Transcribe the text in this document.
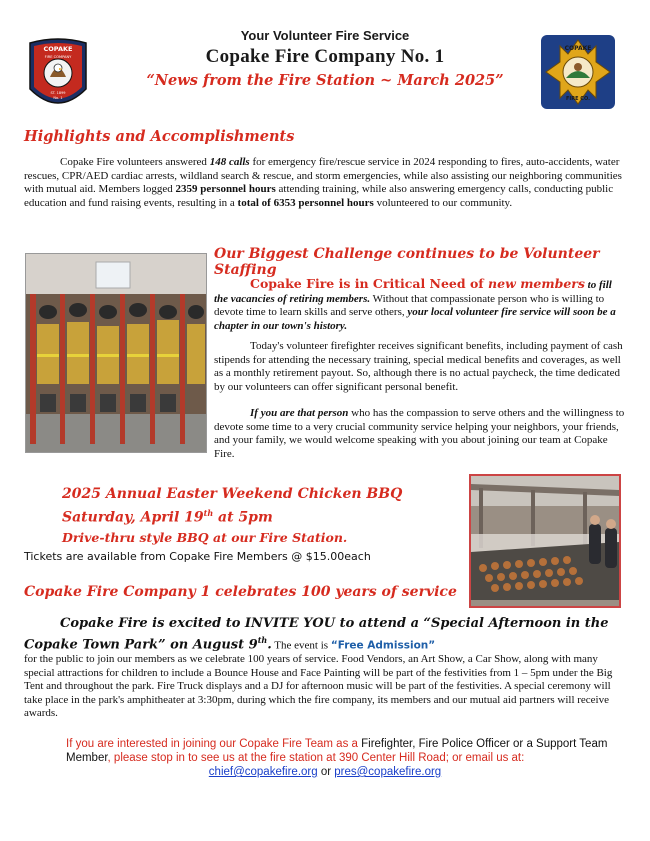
Your Volunteer Fire Service
Copake Fire Company No. 1
“News from the Fire Station ~ March 2025”
COPAKE
FIRE COMPANY
ST. 1899
No. 1
COLUMBIA COUNTY N.Y.
COPAKE
FIRE CO.
Highlights and Accomplishments

Copake Fire volunteers answered 148 calls for emergency fire/rescue service in 2024 responding to fires, auto-accidents, water rescues, CPR/AED cardiac arrests, wildland search & rescue, and storm emergencies, while also assisting our neighboring communities with mutual aid. Members logged 2359 personnel hours attending training, while also answering emergency calls, conducting public education and fund raising events, resulting in a total of 6353 personnel hours volunteered to our community.

Our Biggest Challenge continues to be Volunteer Staffing

Copake Fire is in Critical Need of new members to fill the vacancies of retiring members. Without that compassionate person who is willing to devote time to learn skills and serve others, your local volunteer fire service will soon be a chapter in our town's history.

Today's volunteer firefighter receives significant benefits, including payment of cash stipends for attending the necessary training, special medical benefits and coverages, as well as a monthly retirement payout. So, although there is no actual paycheck, the time dedicated by our volunteers can offer significant personal benefit.

If you are that person who has the compassion to serve others and the willingness to devote some time to a very crucial community service helping your neighbors, your friends, and your family, we would welcome speaking with you about joining our team at Copake Fire.

2025 Annual Easter Weekend Chicken BBQ
Saturday, April 19th at 5pm
Drive-thru style BBQ at our Fire Station.
Tickets are available from Copake Fire Members @ $15.00each
Copake Fire Company 1 celebrates 100 years of service
Copake Fire is excited to INVITE YOU to attend a “Special Afternoon in the Copake Town Park” on August 9th. The event is “Free Admission”

for the public to join our members as we celebrate 100 years of service. Food Vendors, an Art Show, a Car Show, along with many special attractions for children to include a Bounce House and Face Painting will be part of the festivities from 1 – 5pm under the Big Tent and throughout the park. Fire Truck displays and a DJ for afternoon music will be part of the festivities. A special ceremony will take place in the park's amphitheater at 3:30pm, during which the fire company, its members and our mutual aid partners will receive awards.

If you are interested in joining our Copake Fire Team as a Firefighter, Fire Police Officer or a Support Team Member, please stop in to see us at the fire station at 390 Center Hill Road; or email us at:
chief@copakefire.org or pres@copakefire.org
